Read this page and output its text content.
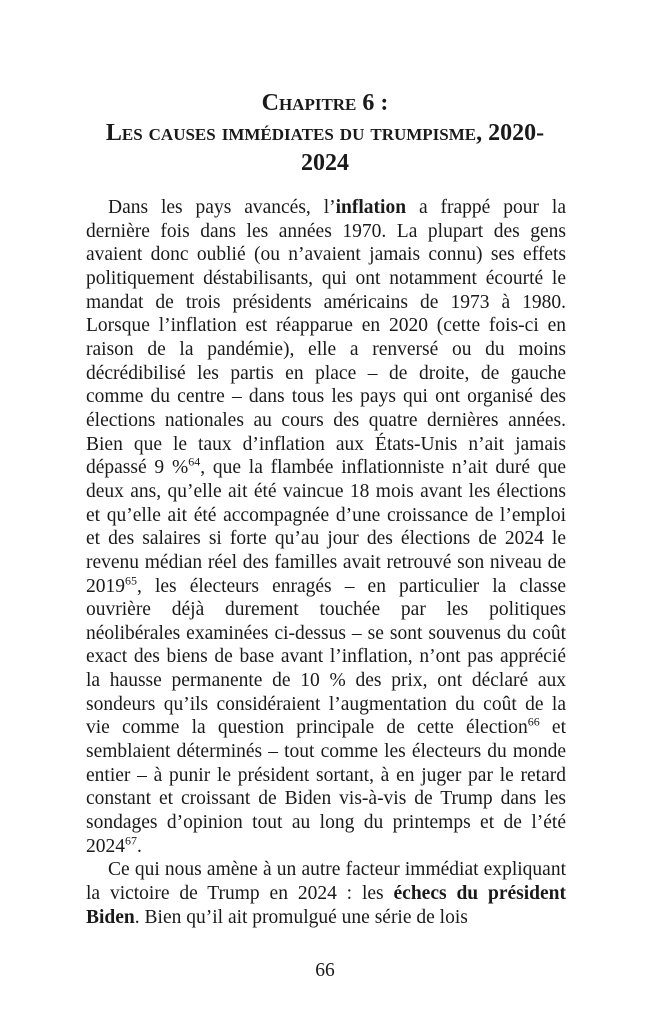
Chapitre 6 :
Les causes immédiates du trumpisme, 2020-
2024

Dans les pays avancés, l’inflation a frappé pour la dernière fois dans les années 1970. La plupart des gens avaient donc oublié (ou n’avaient jamais connu) ses effets politiquement déstabilisants, qui ont notamment écourté le mandat de trois présidents américains de 1973 à 1980. Lorsque l’inflation est réapparue en 2020 (cette fois-ci en raison de la pandémie), elle a renversé ou du moins décrédibilisé les partis en place – de droite, de gauche comme du centre – dans tous les pays qui ont organisé des élections nationales au cours des quatre dernières années. Bien que le taux d’inflation aux États-Unis n’ait jamais dépassé 9 %$^{64}$, que la flambée inflationniste n’ait duré que deux ans, qu’elle ait été vaincue 18 mois avant les élections et qu’elle ait été accompagnée d’une croissance de l’emploi et des salaires si forte qu’au jour des élections de 2024 le revenu médian réel des familles avait retrouvé son niveau de 2019$^{65}$, les électeurs enragés – en particulier la classe ouvrière déjà durement touchée par les politiques néolibérales examinées ci-dessus – se sont souvenus du coût exact des biens de base avant l’inflation, n’ont pas apprécié la hausse permanente de 10 % des prix, ont déclaré aux sondeurs qu’ils considéraient l’augmentation du coût de la vie comme la question principale de cette élection$^{66}$ et semblaient déterminés – tout comme les électeurs du monde entier – à punir le président sortant, à en juger par le retard constant et croissant de Biden vis-à-vis de Trump dans les sondages d’opinion tout au long du printemps et de l’été 2024$^{67}$.

Ce qui nous amène à un autre facteur immédiat expliquant la victoire de Trump en 2024 : les échecs du président Biden. Bien qu’il ait promulgué une série de lois

66
